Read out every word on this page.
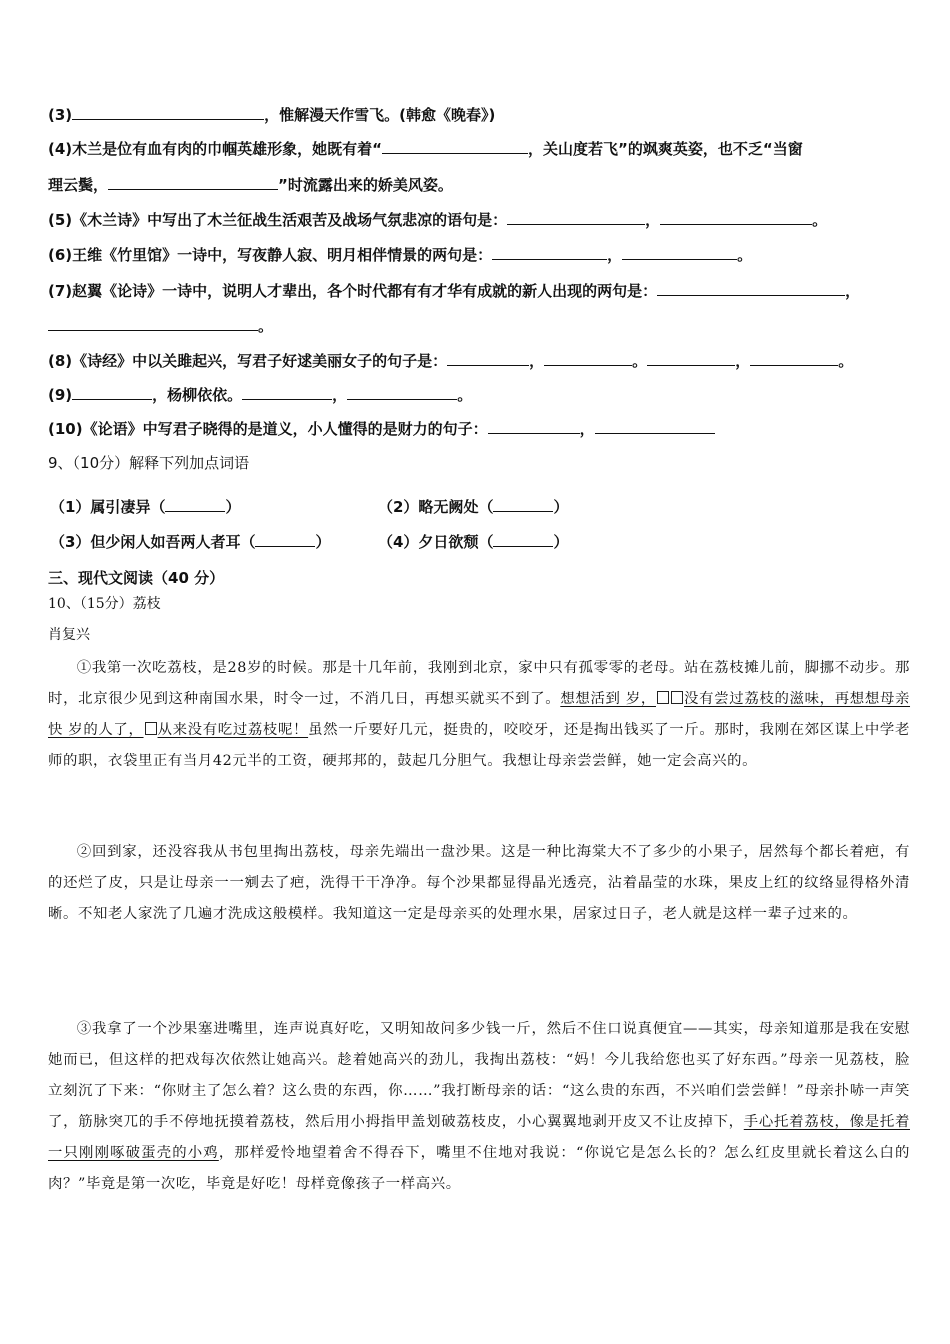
(3)	，惟解漫天作雪飞。(韩愈《晚春》)
(4)木兰是位有血有肉的巾帼英雄形象，她既有着“	，关山度若飞”的飒爽英姿，也不乏“当窗
理云鬓，	”时流露出来的娇美风姿。
(5)《木兰诗》中写出了木兰征战生活艰苦及战场气氛悲凉的语句是：	，	。
(6)王维《竹里馆》一诗中，写夜静人寂、明月相伴情景的两句是：	，	。
(7)赵翼《论诗》一诗中，说明人才辈出，各个时代都有有才华有成就的新人出现的两句是：	，
。
(8)《诗经》中以关雎起兴，写君子好逑美丽女子的句子是：	，	。	，	。
(9)	，杨柳依依。	，	。
(10)《论语》中写君子晓得的是道义，小人懂得的是财力的句子：	，
9、（10分）解释下列加点词语
（1）属引凄异（	）	（2）略无阙处（	）
（3）但少闲人如吾两人者耳（	）	（4）夕日欲颓（	）
三、现代文阅读（40 分）
10、（15分）荔枝
肖复兴
①我第一次吃荔枝，是28岁的时候。那是十几年前，我刚到北京，家中只有孤零零的老母。站在荔枝摊儿前，脚挪不动步。那时，北京很少见到这种南国水果，时令一过，不消几日，再想买就买不到了。想想活到 岁， 没有尝过荔枝的滋味，再想想母亲快 岁的人了， 从来没有吃过荔枝呢！虽然一斤要好几元，挺贵的，咬咬牙，还是掏出钱买了一斤。那时，我刚在郊区谋上中学老师的职，衣袋里正有当月42元半的工资，硬邦邦的，鼓起几分胆气。我想让母亲尝尝鲜，她一定会高兴的。
②回到家，还没容我从书包里掏出荔枝，母亲先端出一盘沙果。这是一种比海棠大不了多少的小果子，居然每个都长着疤，有的还烂了皮，只是让母亲一一剜去了疤，洗得干干净净。每个沙果都显得晶光透亮，沾着晶莹的水珠，果皮上红的纹络显得格外清晰。不知老人家洗了几遍才洗成这般模样。我知道这一定是母亲买的处理水果，居家过日子，老人就是这样一辈子过来的。
③我拿了一个沙果塞进嘴里，连声说真好吃，又明知故问多少钱一斤，然后不住口说真便宜——其实，母亲知道那是我在安慰她而已，但这样的把戏每次依然让她高兴。趁着她高兴的劲儿，我掏出荔枝：“妈！今儿我给您也买了好东西。”母亲一见荔枝，脸立刻沉了下来：“你财主了怎么着？这么贵的东西，你……”我打断母亲的话：“这么贵的东西，不兴咱们尝尝鲜！”母亲扑哧一声笑了，筋脉突兀的手不停地抚摸着荔枝，然后用小拇指甲盖划破荔枝皮，小心翼翼地剥开皮又不让皮掉下，手心托着荔枝，像是托着一只刚刚啄破蛋壳的小鸡，那样爱怜地望着舍不得吞下，嘴里不住地对我说：“你说它是怎么长的？怎么红皮里就长着这么白的肉？”毕竟是第一次吃，毕竟是好吃！母样竟像孩子一样高兴。
